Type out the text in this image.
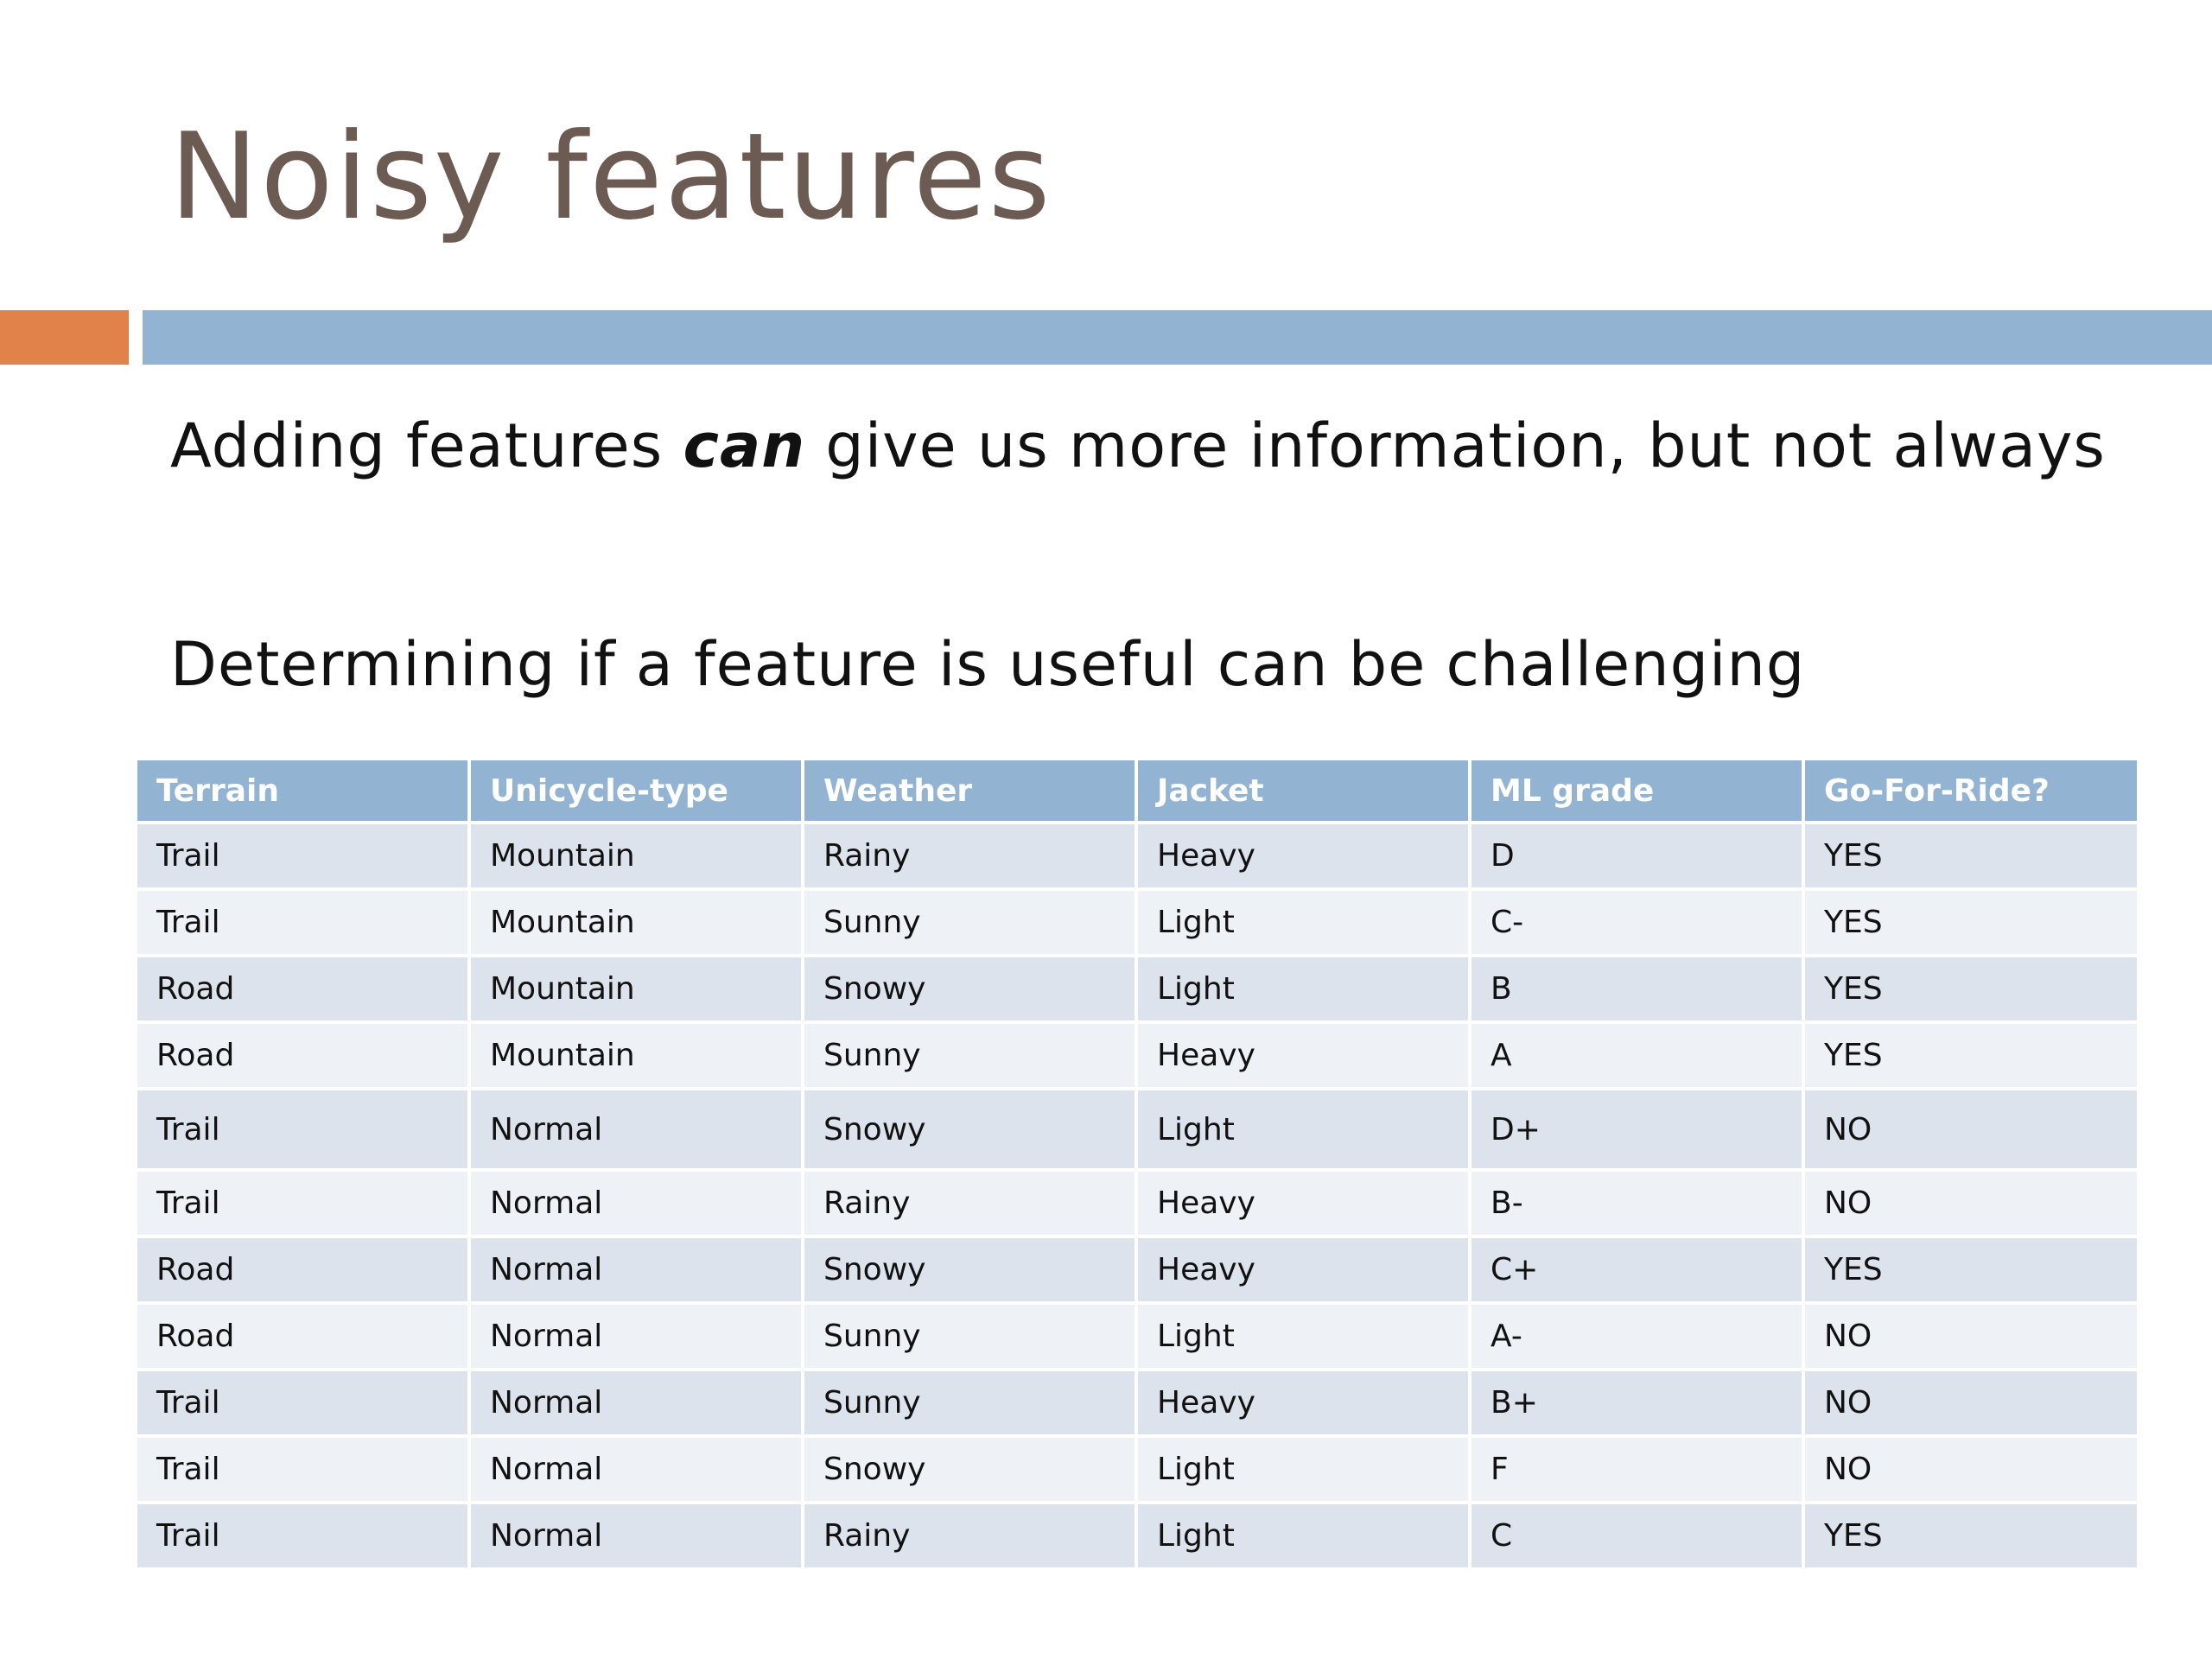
Noisy features

Adding features can give us more information, but not always

Determining if a feature is useful can be challenging

Terrain	Unicycle-type	Weather	Jacket	ML grade	Go-For-Ride?
Trail	Mountain	Rainy	Heavy	D	YES
Trail	Mountain	Sunny	Light	C-	YES
Road	Mountain	Snowy	Light	B	YES
Road	Mountain	Sunny	Heavy	A	YES
Trail	Normal	Snowy	Light	D+	NO
Trail	Normal	Rainy	Heavy	B-	NO
Road	Normal	Snowy	Heavy	C+	YES
Road	Normal	Sunny	Light	A-	NO
Trail	Normal	Sunny	Heavy	B+	NO
Trail	Normal	Snowy	Light	F	NO
Trail	Normal	Rainy	Light	C	YES
